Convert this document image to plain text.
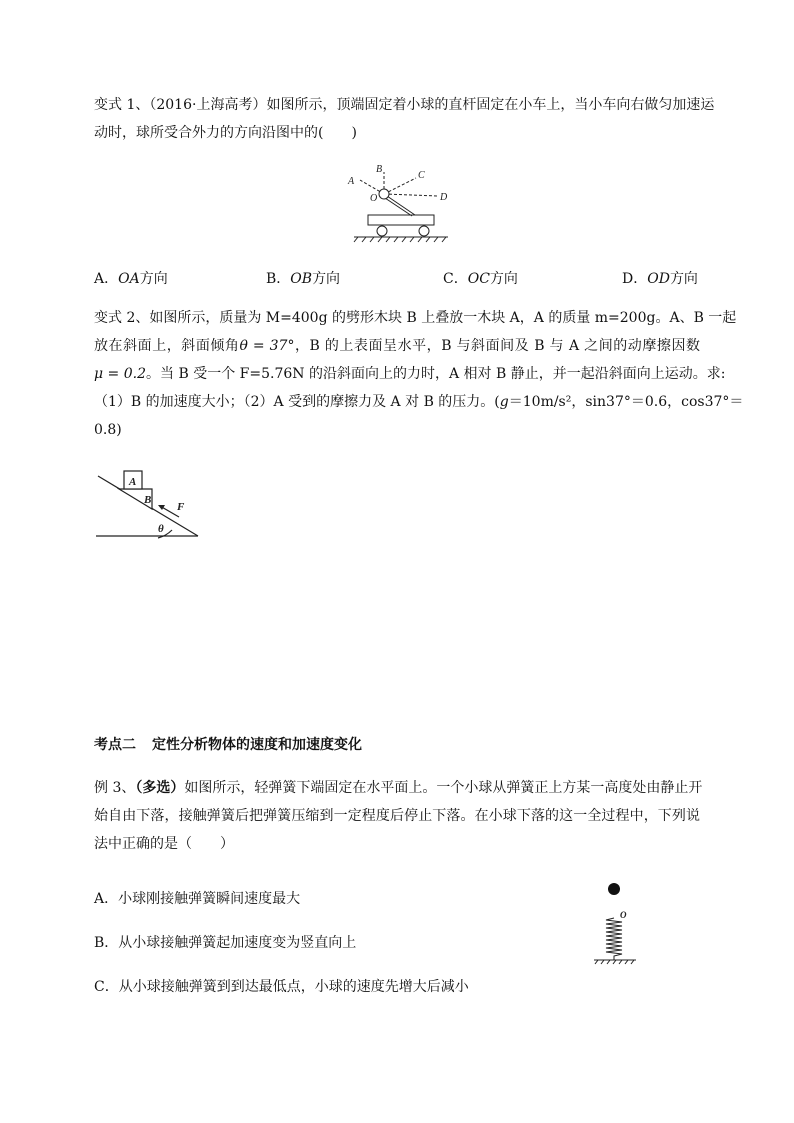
变式 1、（2016·上海高考）如图所示，顶端固定着小球的直杆固定在小车上，当小车向右做匀加速运
动时，球所受合外力的方向沿图中的(　　)
A
B
C
D
O
A．OA方向	B．OB方向	C．OC方向	D．OD方向
变式 2、如图所示，质量为 M=400g 的劈形木块 B 上叠放一木块 A，A 的质量 m=200g。A、B 一起
放在斜面上，斜面倾角θ = 37°，B 的上表面呈水平，B 与斜面间及 B 与 A 之间的动摩擦因数
μ = 0.2。当 B 受一个 F=5.76N 的沿斜面向上的力时，A 相对 B 静止，并一起沿斜面向上运动。求:
（1）B 的加速度大小；（2）A 受到的摩擦力及 A 对 B 的压力。(g＝10m/s²，sin37°＝0.6，cos37°＝
0.8)
A
B
F
θ
考点二 定性分析物体的速度和加速度变化
例 3、（多选）如图所示，轻弹簧下端固定在水平面上。一个小球从弹簧正上方某一高度处由静止开
始自由下落，接触弹簧后把弹簧压缩到一定程度后停止下落。在小球下落的这一全过程中，下列说
法中正确的是（　　）
A．小球刚接触弹簧瞬间速度最大
B．从小球接触弹簧起加速度变为竖直向上
C．从小球接触弹簧到到达最低点，小球的速度先增大后减小
O
